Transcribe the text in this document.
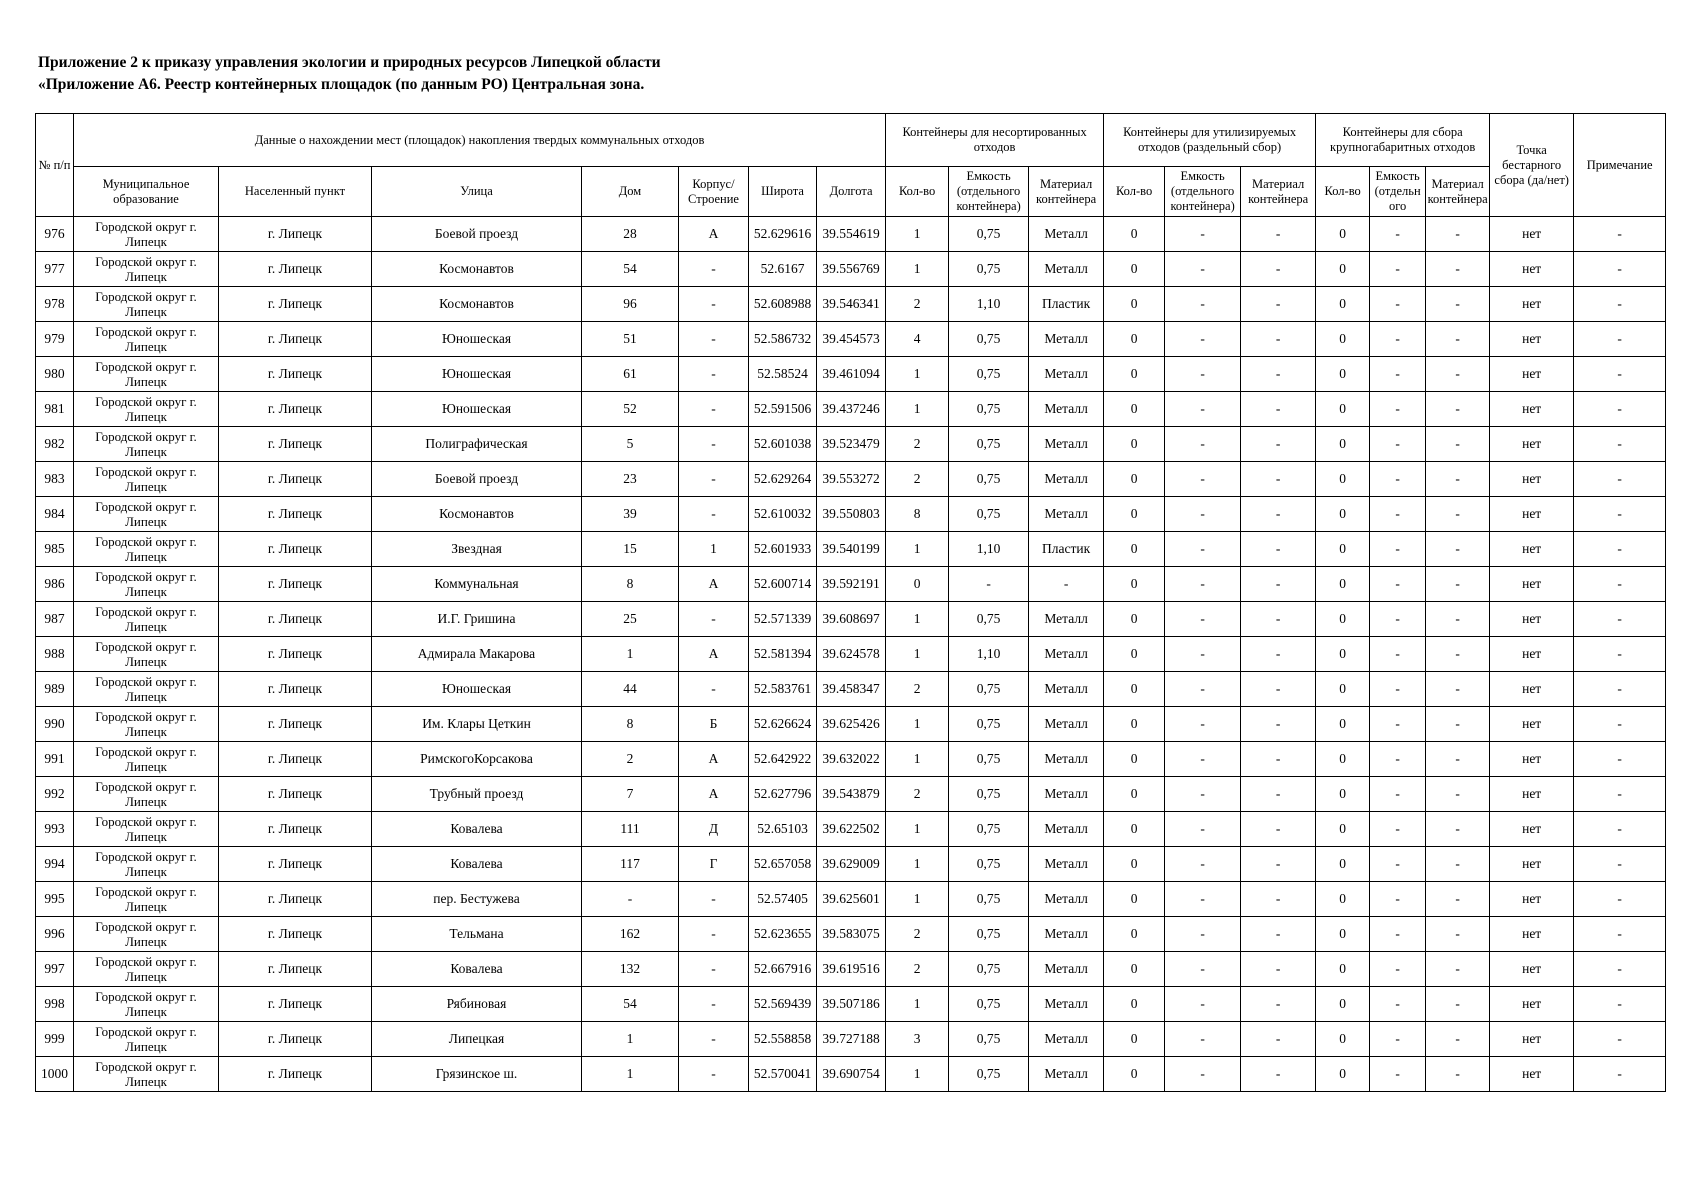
Приложение 2 к приказу управления экологии и природных ресурсов Липецкой области
«Приложение А6. Реестр контейнерных площадок (по данным РО) Центральная зона.
№ п/п	Данные о нахождении мест (площадок) накопления твердых коммунальных отходов							Контейнеры для несортированных отходов			Контейнеры для утилизируемых отходов (раздельный сбор)			Контейнеры для сбора крупногабаритных отходов			Точка бестарного сбора (да/нет)	Примечание
	Муниципальное образование	Населенный пункт	Улица	Дом	Корпус/ Строение	Широта	Долгота	Кол-во	Емкость (отдельного контейнера)	Материал контейнера	Кол-во	Емкость (отдельного контейнера)	Материал контейнера	Кол-во	Емкость (отдельн ого	Материал контейнера		
976	Городской округ г. Липецк	г. Липецк	Боевой проезд	28	А	52.629616	39.554619	1	0,75	Металл	0	-	-	0	-	-	нет	-
977	Городской округ г. Липецк	г. Липецк	Космонавтов	54	-	52.6167	39.556769	1	0,75	Металл	0	-	-	0	-	-	нет	-
978	Городской округ г. Липецк	г. Липецк	Космонавтов	96	-	52.608988	39.546341	2	1,10	Пластик	0	-	-	0	-	-	нет	-
979	Городской округ г. Липецк	г. Липецк	Юношеская	51	-	52.586732	39.454573	4	0,75	Металл	0	-	-	0	-	-	нет	-
980	Городской округ г. Липецк	г. Липецк	Юношеская	61	-	52.58524	39.461094	1	0,75	Металл	0	-	-	0	-	-	нет	-
981	Городской округ г. Липецк	г. Липецк	Юношеская	52	-	52.591506	39.437246	1	0,75	Металл	0	-	-	0	-	-	нет	-
982	Городской округ г. Липецк	г. Липецк	Полиграфическая	5	-	52.601038	39.523479	2	0,75	Металл	0	-	-	0	-	-	нет	-
983	Городской округ г. Липецк	г. Липецк	Боевой проезд	23	-	52.629264	39.553272	2	0,75	Металл	0	-	-	0	-	-	нет	-
984	Городской округ г. Липецк	г. Липецк	Космонавтов	39	-	52.610032	39.550803	8	0,75	Металл	0	-	-	0	-	-	нет	-
985	Городской округ г. Липецк	г. Липецк	Звездная	15	1	52.601933	39.540199	1	1,10	Пластик	0	-	-	0	-	-	нет	-
986	Городской округ г. Липецк	г. Липецк	Коммунальная	8	А	52.600714	39.592191	0	-	-	0	-	-	0	-	-	нет	-
987	Городской округ г. Липецк	г. Липецк	И.Г. Гришина	25	-	52.571339	39.608697	1	0,75	Металл	0	-	-	0	-	-	нет	-
988	Городской округ г. Липецк	г. Липецк	Адмирала Макарова	1	А	52.581394	39.624578	1	1,10	Металл	0	-	-	0	-	-	нет	-
989	Городской округ г. Липецк	г. Липецк	Юношеская	44	-	52.583761	39.458347	2	0,75	Металл	0	-	-	0	-	-	нет	-
990	Городской округ г. Липецк	г. Липецк	Им. Клары Цеткин	8	Б	52.626624	39.625426	1	0,75	Металл	0	-	-	0	-	-	нет	-
991	Городской округ г. Липецк	г. Липецк	РимскогоКорсакова	2	А	52.642922	39.632022	1	0,75	Металл	0	-	-	0	-	-	нет	-
992	Городской округ г. Липецк	г. Липецк	Трубный проезд	7	А	52.627796	39.543879	2	0,75	Металл	0	-	-	0	-	-	нет	-
993	Городской округ г. Липецк	г. Липецк	Ковалева	111	Д	52.65103	39.622502	1	0,75	Металл	0	-	-	0	-	-	нет	-
994	Городской округ г. Липецк	г. Липецк	Ковалева	117	Г	52.657058	39.629009	1	0,75	Металл	0	-	-	0	-	-	нет	-
995	Городской округ г. Липецк	г. Липецк	пер. Бестужева	-	-	52.57405	39.625601	1	0,75	Металл	0	-	-	0	-	-	нет	-
996	Городской округ г. Липецк	г. Липецк	Тельмана	162	-	52.623655	39.583075	2	0,75	Металл	0	-	-	0	-	-	нет	-
997	Городской округ г. Липецк	г. Липецк	Ковалева	132	-	52.667916	39.619516	2	0,75	Металл	0	-	-	0	-	-	нет	-
998	Городской округ г. Липецк	г. Липецк	Рябиновая	54	-	52.569439	39.507186	1	0,75	Металл	0	-	-	0	-	-	нет	-
999	Городской округ г. Липецк	г. Липецк	Липецкая	1	-	52.558858	39.727188	3	0,75	Металл	0	-	-	0	-	-	нет	-
1000	Городской округ г. Липецк	г. Липецк	Грязинское ш.	1	-	52.570041	39.690754	1	0,75	Металл	0	-	-	0	-	-	нет	-
